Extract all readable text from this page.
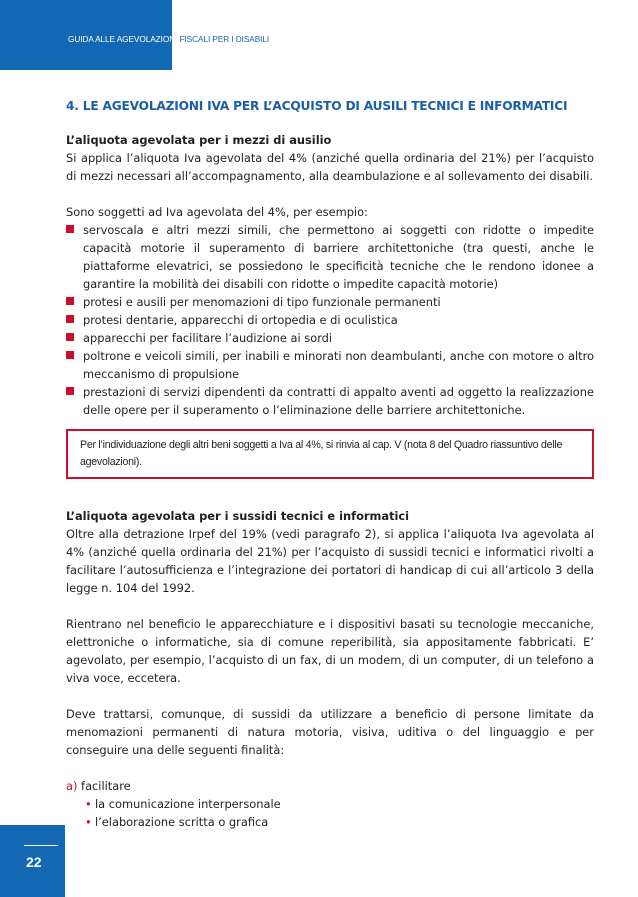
GUIDA ALLE AGEVOLAZIONI FISCALI PER I DISABILI
4. LE AGEVOLAZIONI IVA PER L’ACQUISTO DI AUSILI TECNICI E INFORMATICI

L’aliquota agevolata per i mezzi di ausilio

Si applica l’aliquota Iva agevolata del 4% (anziché quella ordinaria del 21%) per l’acquisto di mezzi necessari all’accompagnamento, alla deambulazione e al sollevamento dei disabili.

Sono soggetti ad Iva agevolata del 4%, per esempio:

servoscala e altri mezzi simili, che permettono ai soggetti con ridotte o impedite capacità motorie il superamento di barriere architettoniche (tra questi, anche le piattaforme elevatrici, se possiedono le specificità tecniche che le rendono idonee a garantire la mobilità dei disabili con ridotte o impedite capacità motorie)
protesi e ausili per menomazioni di tipo funzionale permanenti
protesi dentarie, apparecchi di ortopedia e di oculistica
apparecchi per facilitare l’audizione ai sordi
poltrone e veicoli simili, per inabili e minorati non deambulanti, anche con motore o altro meccanismo di propulsione
prestazioni di servizi dipendenti da contratti di appalto aventi ad oggetto la realizzazione delle opere per il superamento o l’eliminazione delle barriere architettoniche.
Per l’individuazione degli altri beni soggetti a Iva al 4%, si rinvia al cap. V (nota 8 del Quadro riassuntivo delle agevolazioni).

L’aliquota agevolata per i sussidi tecnici e informatici

Oltre alla detrazione Irpef del 19% (vedi paragrafo 2), si applica l’aliquota Iva agevolata al 4% (anziché quella ordinaria del 21%) per l’acquisto di sussidi tecnici e informatici rivolti a facilitare l’autosufficienza e l’integrazione dei portatori di handicap di cui all’articolo 3 della legge n. 104 del 1992.

Rientrano nel beneficio le apparecchiature e i dispositivi basati su tecnologie meccaniche, elettroniche o informatiche, sia di comune reperibilità, sia appositamente fabbricati. E’ agevolato, per esempio, l’acquisto di un fax, di un modem, di un computer, di un telefono a viva voce, eccetera.

Deve trattarsi, comunque, di sussidi da utilizzare a beneficio di persone limitate da menomazioni permanenti di natura motoria, visiva, uditiva o del linguaggio e per conseguire una delle seguenti finalità:

a) facilitare

• la comunicazione interpersonale
• l’elaborazione scritta o grafica
22
